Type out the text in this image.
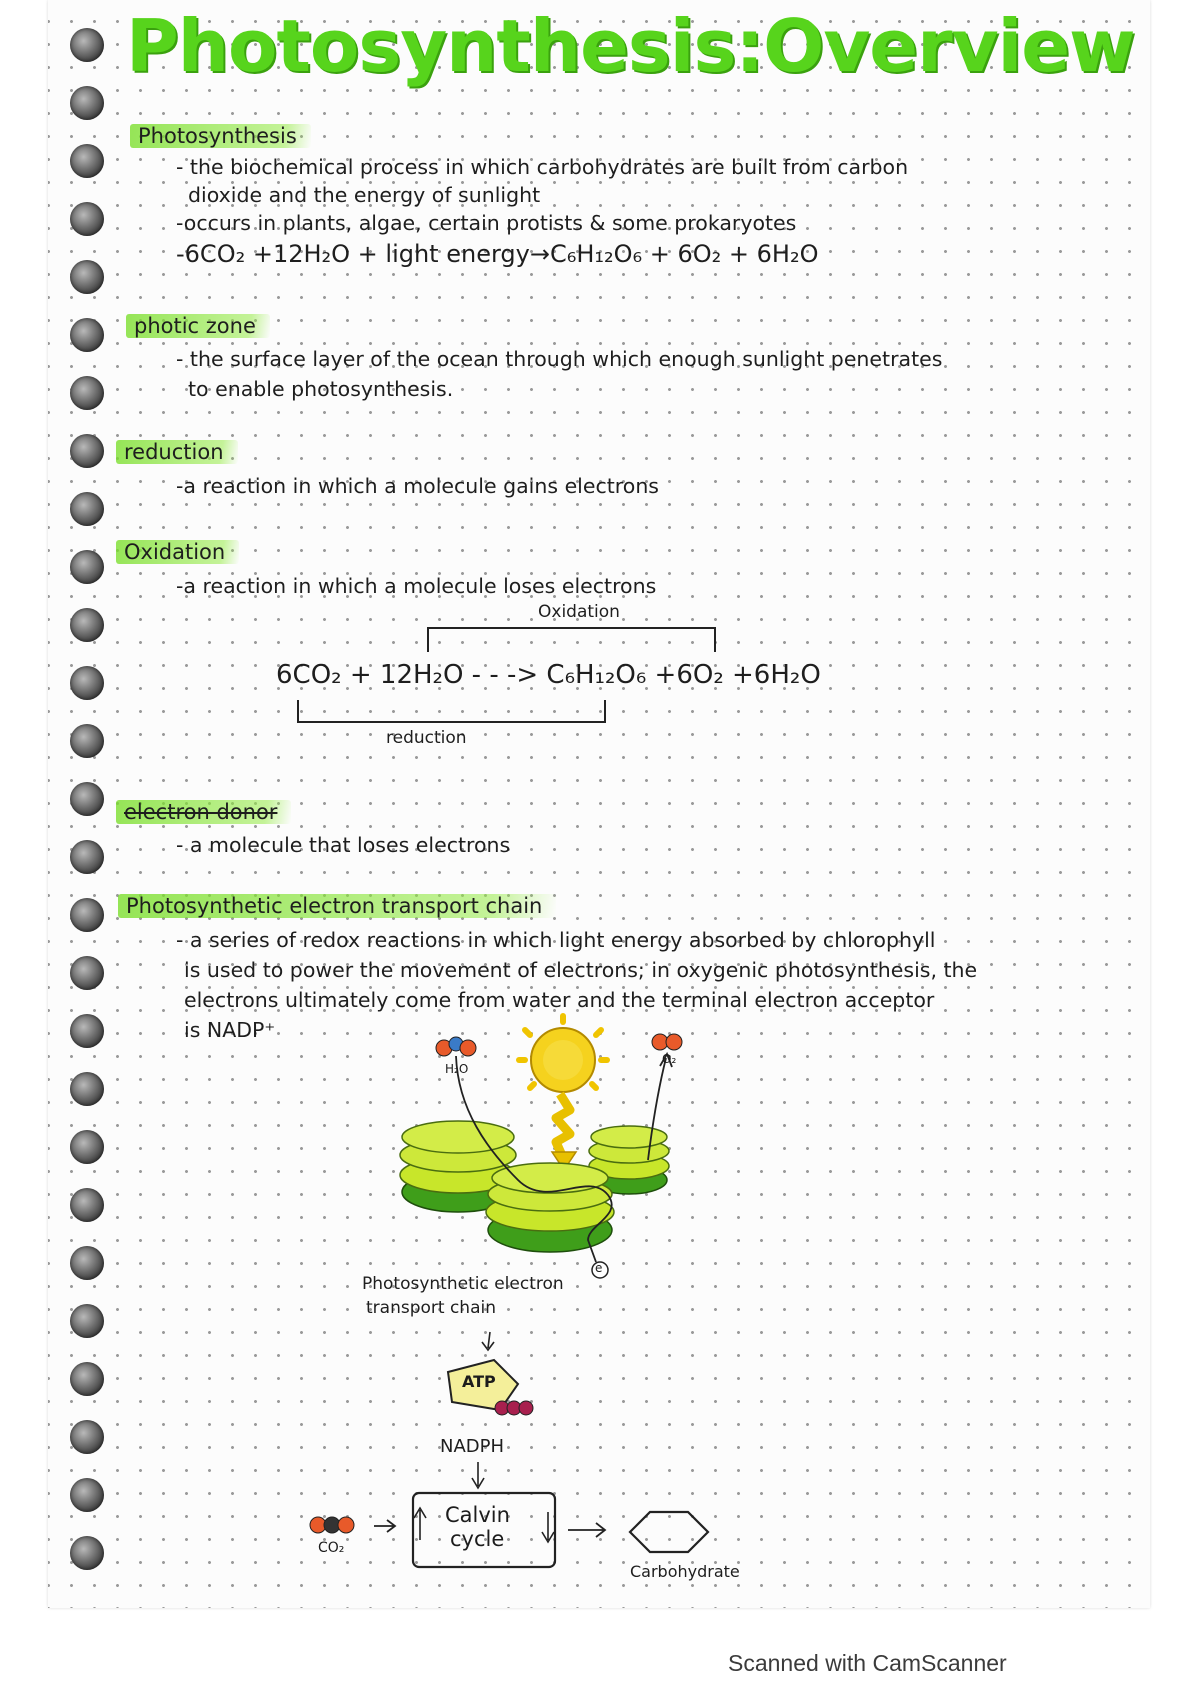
Photosynthesis:Overview
Photosynthesis
- the biochemical process in which carbohydrates are built from carbon
dioxide and the energy of sunlight
-occurs in plants, algae, certain protists & some prokaryotes
-6CO₂ +12H₂O + light energy→C₆H₁₂O₆ + 6O₂ + 6H₂O
photic zone
- the surface layer of the ocean through which enough sunlight penetrates
to enable photosynthesis.
reduction
-a reaction in which a molecule gains electrons
Oxidation
-a reaction in which a molecule loses electrons
Oxidation
6CO₂ + 12H₂O - - -> C₆H₁₂O₆ +6O₂ +6H₂O
reduction
electron donor
- a molecule that loses electrons
Photosynthetic electron transport chain
- a series of redox reactions in which light energy absorbed by chlorophyll
is used to power the movement of electrons; in oxygenic photosynthesis, the
electrons ultimately come from water and the terminal electron acceptor
is NADP⁺
H₂O
O₂
e
Photosynthetic electron
transport chain
ATP
NADPH
Calvin
cycle
CO₂
Carbohydrate
Scanned with CamScanner
